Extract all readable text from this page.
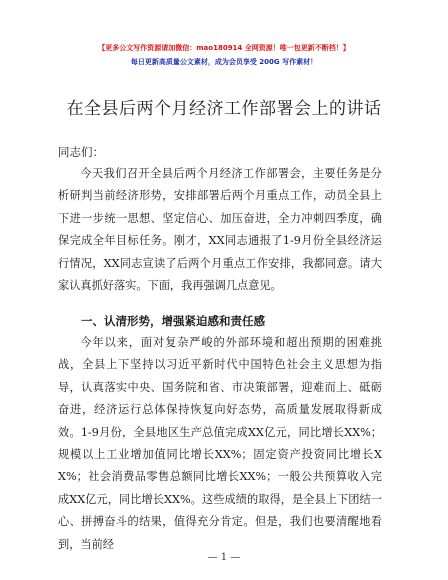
【更多公文写作资源请加微信：mao180914 全网资源！唯一包更新不断档！】
每日更新高质量公文素材，成为会员享受 200G 写作素材！
在全县后两个月经济工作部署会上的讲话
同志们：
今天我们召开全县后两个月经济工作部署会，主要任务是分析研判当前经济形势，安排部署后两个月重点工作，动员全县上下进一步统一思想、坚定信心、加压奋进，全力冲刺四季度，确保完成全年目标任务。刚才，XX同志通报了1-9月份全县经济运行情况，XX同志宣读了后两个月重点工作安排，我都同意。请大家认真抓好落实。下面，我再强调几点意见。
一、认清形势，增强紧迫感和责任感
今年以来，面对复杂严峻的外部环境和超出预期的困难挑战，全县上下坚持以习近平新时代中国特色社会主义思想为指导，认真落实中央、国务院和省、市决策部署，迎难而上、砥砺奋进，经济运行总体保持恢复向好态势，高质量发展取得新成效。1-9月份，全县地区生产总值完成XX亿元，同比增长XX%；规模以上工业增加值同比增长XX%；固定资产投资同比增长XX%；社会消费品零售总额同比增长XX%；一般公共预算收入完成XX亿元，同比增长XX%。这些成绩的取得，是全县上下团结一心、拼搏奋斗的结果，值得充分肯定。但是，我们也要清醒地看到，当前经
— 1 —
